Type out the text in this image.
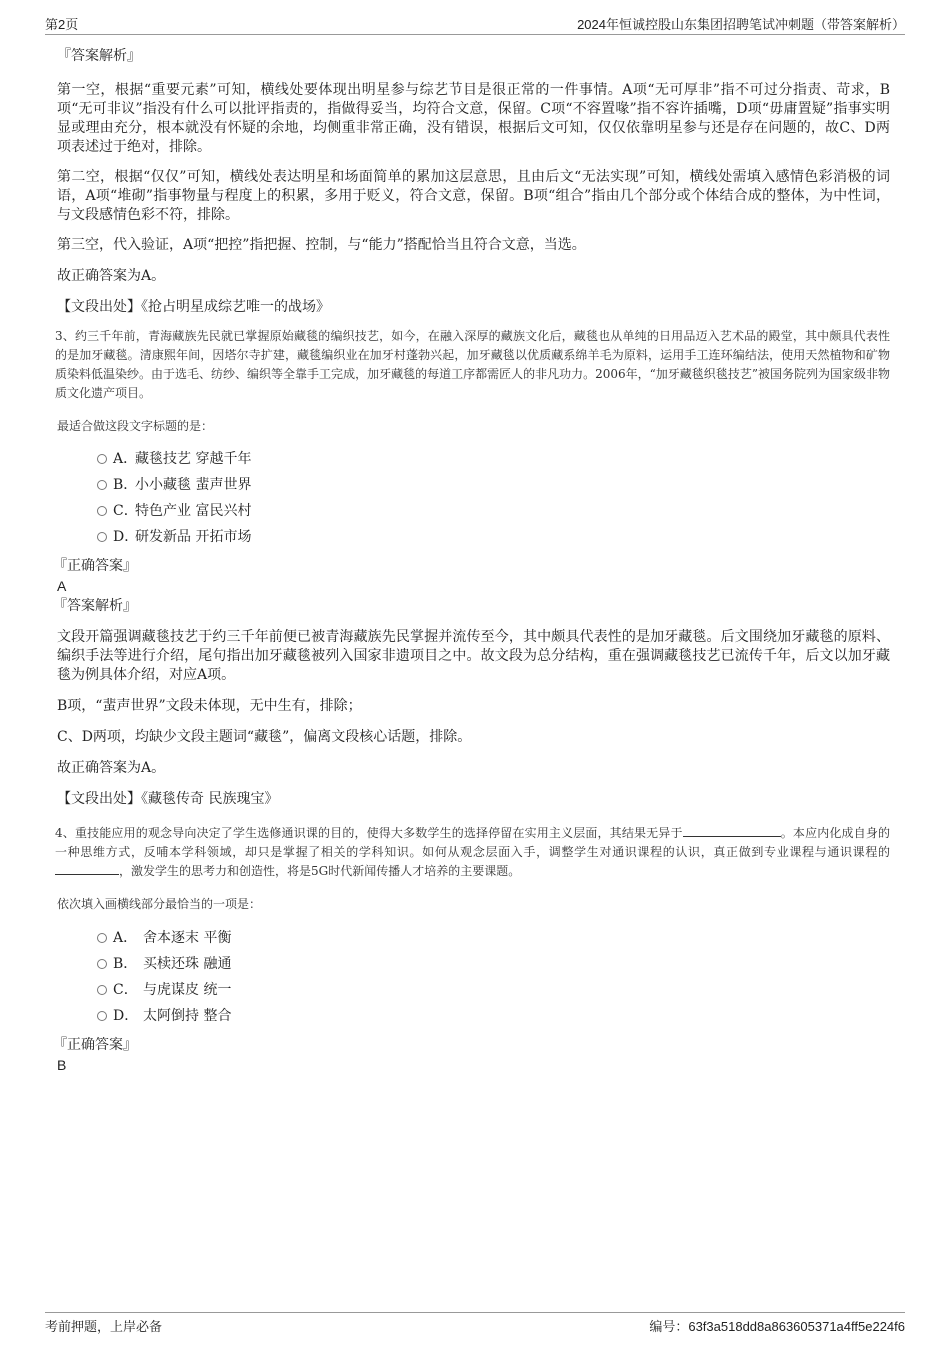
第2页	2024年恒诚控股山东集团招聘笔试冲刺题（带答案解析）

『答案解析』

第一空，根据“重要元素”可知，横线处要体现出明星参与综艺节目是很正常的一件事情。A项“无可厚非”指不可过分指责、苛求，B项“无可非议”指没有什么可以批评指责的，指做得妥当，均符合文意，保留。C项“不容置喙”指不容许插嘴，D项“毋庸置疑”指事实明显或理由充分，根本就没有怀疑的余地，均侧重非常正确，没有错误，根据后文可知，仅仅依靠明星参与还是存在问题的，故C、D两项表述过于绝对，排除。

第二空，根据“仅仅”可知，横线处表达明星和场面简单的累加这层意思，且由后文“无法实现”可知，横线处需填入感情色彩消极的词语，A项“堆砌”指事物量与程度上的积累，多用于贬义，符合文意，保留。B项“组合”指由几个部分或个体结合成的整体，为中性词，与文段感情色彩不符，排除。

第三空，代入验证，A项“把控”指把握、控制，与“能力”搭配恰当且符合文意，当选。

故正确答案为A。

【文段出处】《抢占明星成综艺唯一的战场》

3、约三千年前，青海藏族先民就已掌握原始藏毯的编织技艺，如今，在融入深厚的藏族文化后，藏毯也从单纯的日用品迈入艺术品的殿堂，其中颇具代表性的是加牙藏毯。清康熙年间，因塔尔寺扩建，藏毯编织业在加牙村蓬勃兴起，加牙藏毯以优质藏系绵羊毛为原料，运用手工连环编结法，使用天然植物和矿物质染料低温染纱。由于选毛、纺纱、编织等全靠手工完成，加牙藏毯的每道工序都需匠人的非凡功力。2006年，“加牙藏毯织毯技艺”被国务院列为国家级非物质文化遗产项目。

最适合做这段文字标题的是：

A．藏毯技艺 穿越千年
B．小小藏毯 蜚声世界
C．特色产业 富民兴村
D．研发新品 开拓市场

『正确答案』

A

『答案解析』

文段开篇强调藏毯技艺于约三千年前便已被青海藏族先民掌握并流传至今，其中颇具代表性的是加牙藏毯。后文围绕加牙藏毯的原料、编织手法等进行介绍，尾句指出加牙藏毯被列入国家非遗项目之中。故文段为总分结构，重在强调藏毯技艺已流传千年，后文以加牙藏毯为例具体介绍，对应A项。

B项，“蜚声世界”文段未体现，无中生有，排除；

C、D两项，均缺少文段主题词“藏毯”，偏离文段核心话题，排除。

故正确答案为A。

【文段出处】《藏毯传奇 民族瑰宝》

4、重技能应用的观念导向决定了学生选修通识课的目的，使得大多数学生的选择停留在实用主义层面，其结果无异于	。本应内化成自身的一种思维方式，反哺本学科领域，却只是掌握了相关的学科知识。如何从观念层面入手，调整学生对通识课程的认识，真正做到专业课程与通识课程的，激发学生的思考力和创造性，将是5G时代新闻传播人才培养的主要课题。

依次填入画横线部分最恰当的一项是：

A． 舍本逐末 平衡
B． 买椟还珠 融通
C． 与虎谋皮 统一
D． 太阿倒持 整合

『正确答案』

B

考前押题，上岸必备	编号：63f3a518dd8a863605371a4ff5e224f6
